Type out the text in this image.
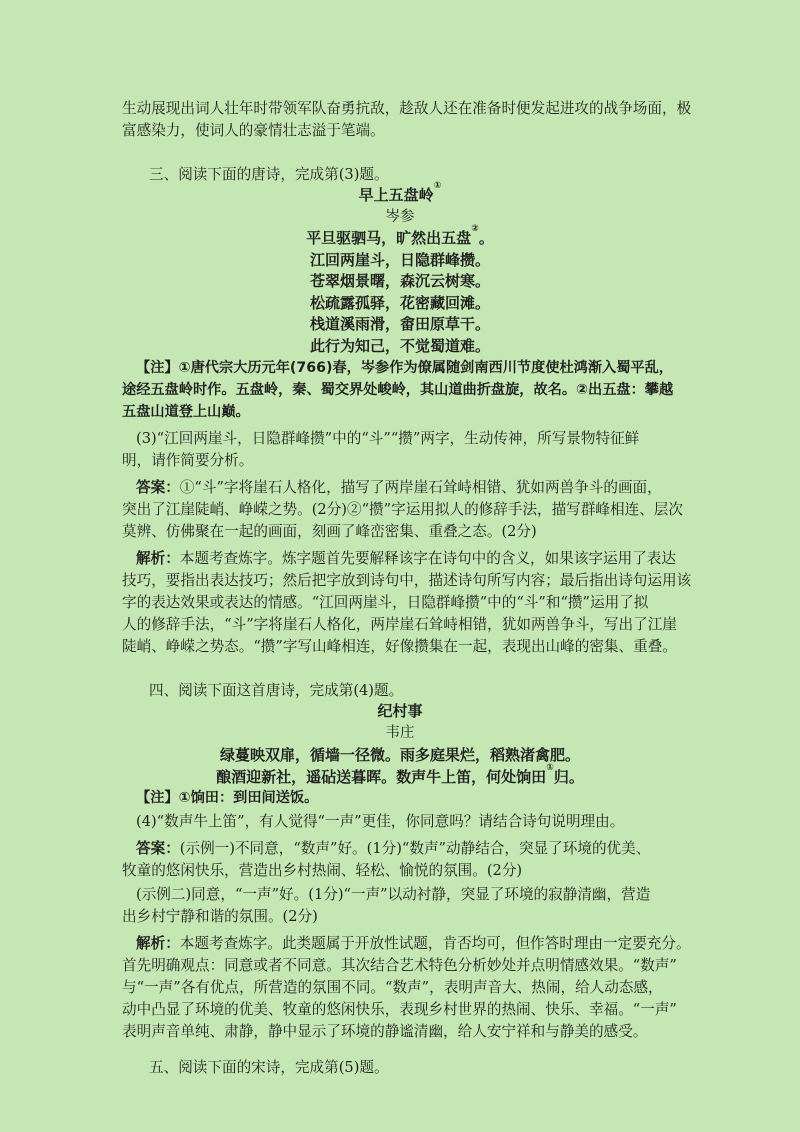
生动展现出词人壮年时带领军队奋勇抗敌，趁敌人还在准备时便发起进攻的战争场面，极
富感染力，使词人的豪情壮志溢于笔端。
三、阅读下面的唐诗，完成第(3)题。
早上五盘岭①
岑参
平旦驱驷马，旷然出五盘②。
江回两崖斗，日隐群峰攒。
苍翠烟景曙，森沉云树寒。
松疏露孤驿，花密藏回滩。
栈道溪雨滑，畬田原草干。
此行为知己，不觉蜀道难。
【注】①唐代宗大历元年(766)春，岑参作为僚属随剑南西川节度使杜鸿渐入蜀平乱，
途经五盘岭时作。五盘岭，秦、蜀交界处峻岭，其山道曲折盘旋，故名。②出五盘：攀越
五盘山道登上山巅。
(3)“江回两崖斗，日隐群峰攒”中的“斗”“攒”两字，生动传神，所写景物特征鲜
明，请作简要分析。
答案：①“斗”字将崖石人格化，描写了两岸崖石耸峙相错、犹如两兽争斗的画面，
突出了江崖陡峭、峥嵘之势。(2分)②“攒”字运用拟人的修辞手法，描写群峰相连、层次
莫辨、仿佛聚在一起的画面，刻画了峰峦密集、重叠之态。(2分)
解析：本题考查炼字。炼字题首先要解释该字在诗句中的含义，如果该字运用了表达
技巧，要指出表达技巧；然后把字放到诗句中，描述诗句所写内容；最后指出诗句运用该
字的表达效果或表达的情感。“江回两崖斗，日隐群峰攒”中的“斗”和“攒”运用了拟
人的修辞手法，“斗”字将崖石人格化，两岸崖石耸峙相错，犹如两兽争斗，写出了江崖
陡峭、峥嵘之势态。“攒”字写山峰相连，好像攒集在一起，表现出山峰的密集、重叠。
四、阅读下面这首唐诗，完成第(4)题。
纪村事
韦庄
绿蔓映双扉，循墙一径微。雨多庭果烂，稻熟渚禽肥。
酿酒迎新社，遥砧送暮晖。数声牛上笛，何处饷田①归。
【注】①饷田：到田间送饭。
(4)“数声牛上笛”，有人觉得“一声”更佳，你同意吗？请结合诗句说明理由。
答案：(示例一)不同意，“数声”好。(1分)“数声”动静结合，突显了环境的优美、
牧童的悠闲快乐，营造出乡村热闹、轻松、愉悦的氛围。(2分)
(示例二)同意，“一声”好。(1分)“一声”以动衬静，突显了环境的寂静清幽，营造
出乡村宁静和谐的氛围。(2分)
解析：本题考查炼字。此类题属于开放性试题，肯否均可，但作答时理由一定要充分。
首先明确观点：同意或者不同意。其次结合艺术特色分析妙处并点明情感效果。“数声”
与“一声”各有优点，所营造的氛围不同。“数声”，表明声音大、热闹，给人动态感，
动中凸显了环境的优美、牧童的悠闲快乐，表现乡村世界的热闹、快乐、幸福。“一声”
表明声音单纯、肃静，静中显示了环境的静谧清幽，给人安宁祥和与静美的感受。
五、阅读下面的宋诗，完成第(5)题。
